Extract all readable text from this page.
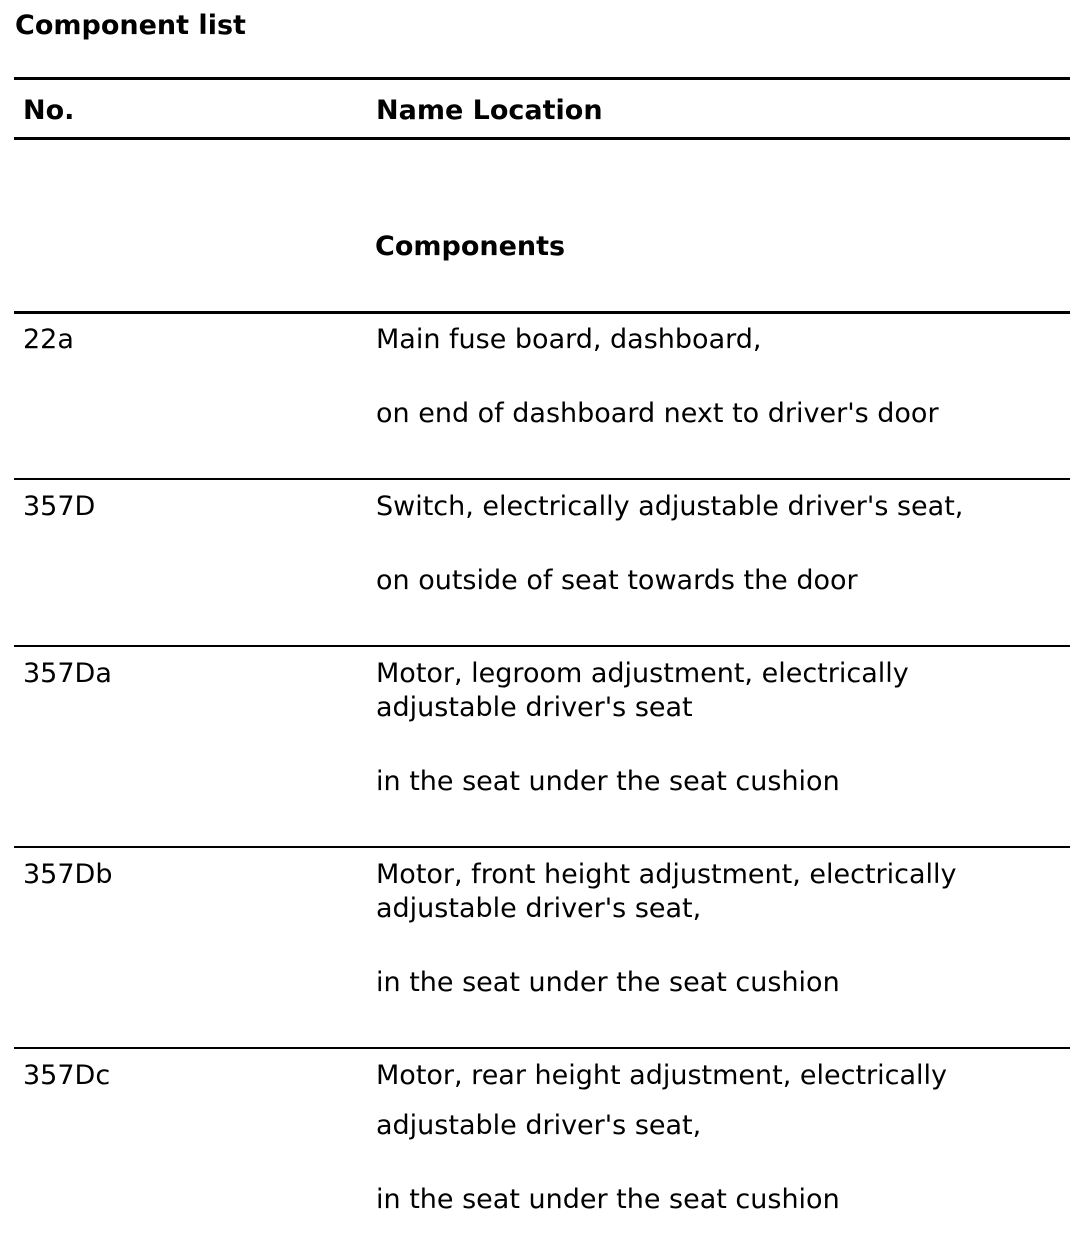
Component list
No.	Name Location
Components
22a	Main fuse board, dashboard,
on end of dashboard next to driver's door
357D	Switch, electrically adjustable driver's seat,
on outside of seat towards the door
357Da	Motor, legroom adjustment, electrically
adjustable driver's seat
in the seat under the seat cushion
357Db	Motor, front height adjustment, electrically
adjustable driver's seat,
in the seat under the seat cushion
357Dc	Motor, rear height adjustment, electrically
adjustable driver's seat,
in the seat under the seat cushion
